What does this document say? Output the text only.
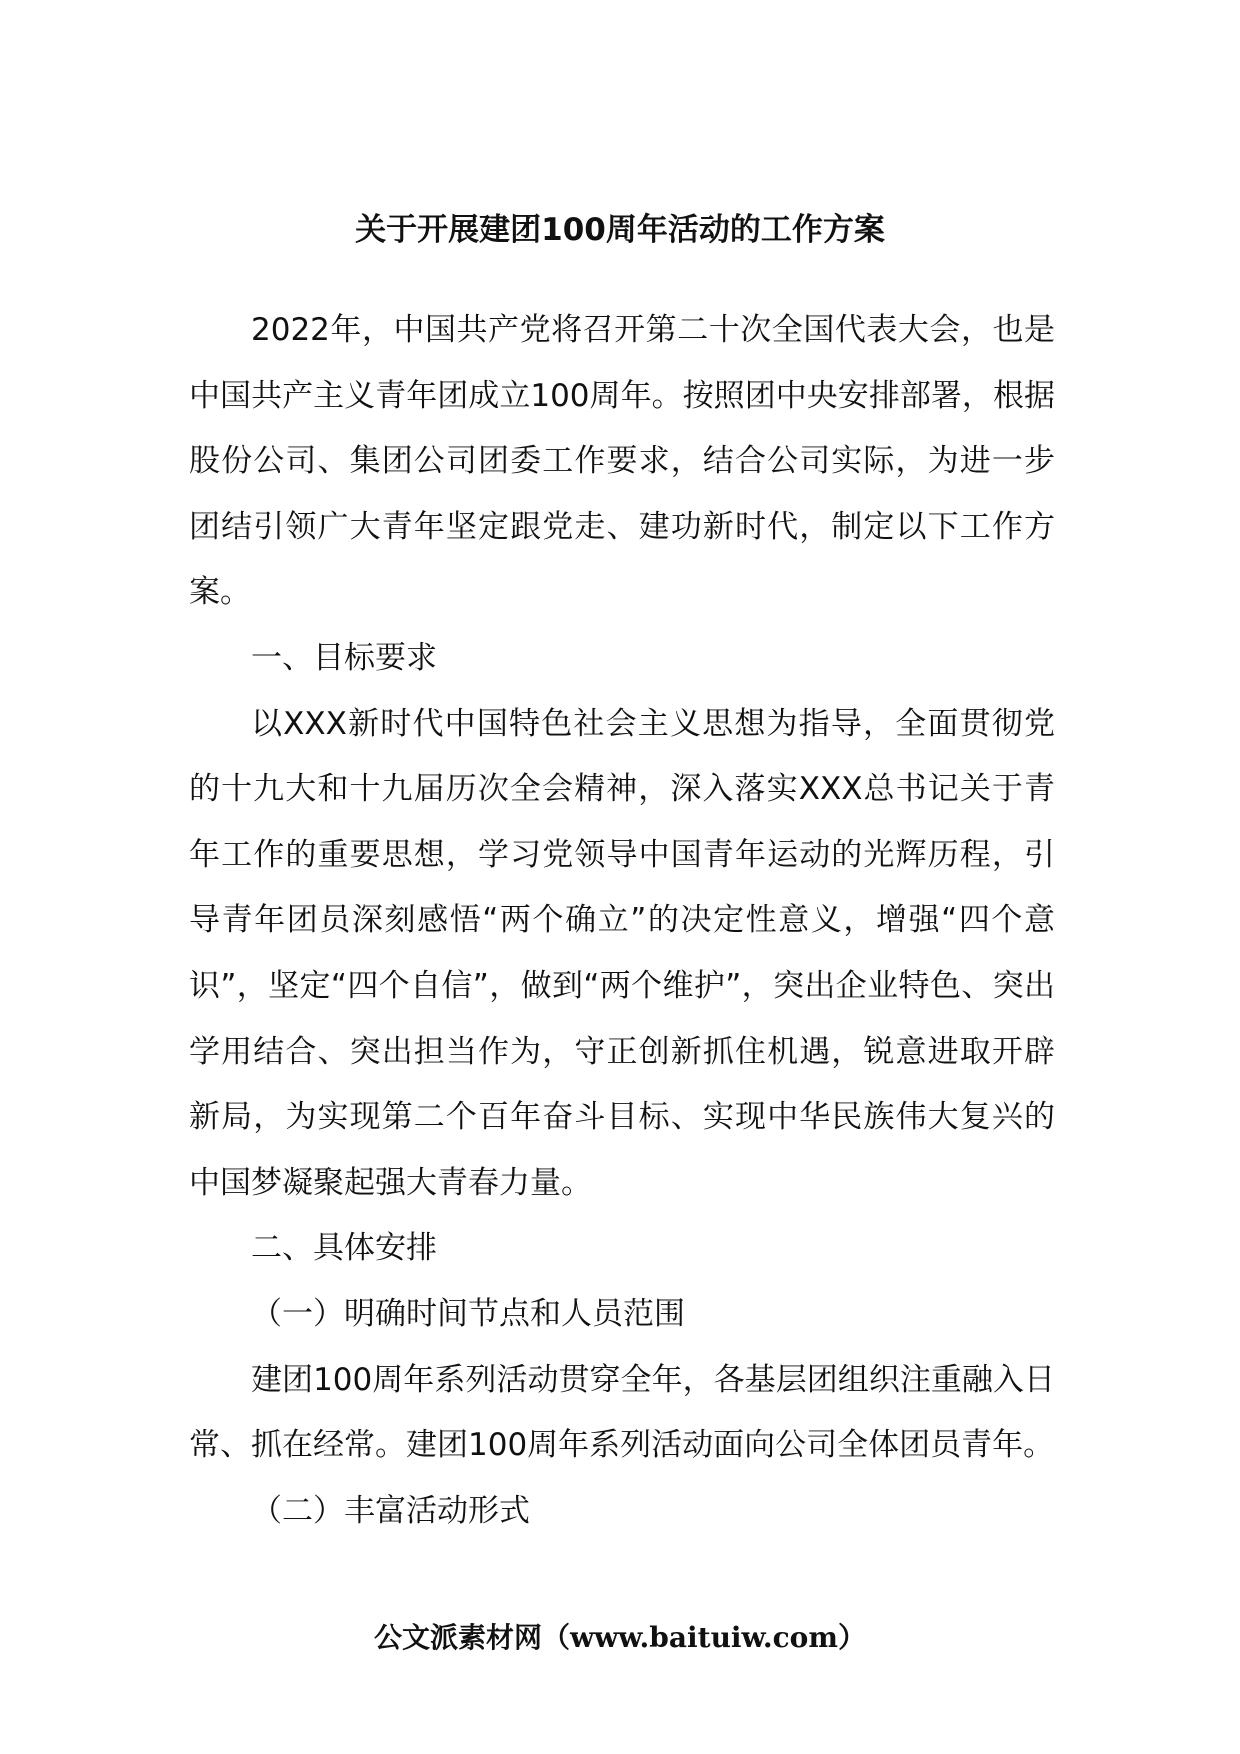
关于开展建团100周年活动的工作方案

2022年，中国共产党将召开第二十次全国代表大会，也是中国共产主义青年团成立100周年。按照团中央安排部署，根据股份公司、集团公司团委工作要求，结合公司实际，为进一步团结引领广大青年坚定跟党走、建功新时代，制定以下工作方案。

一、目标要求

以XXX新时代中国特色社会主义思想为指导，全面贯彻党的十九大和十九届历次全会精神，深入落实XXX总书记关于青年工作的重要思想，学习党领导中国青年运动的光辉历程，引导青年团员深刻感悟“两个确立”的决定性意义，增强“四个意识”，坚定“四个自信”，做到“两个维护”，突出企业特色、突出学用结合、突出担当作为，守正创新抓住机遇，锐意进取开辟新局，为实现第二个百年奋斗目标、实现中华民族伟大复兴的中国梦凝聚起强大青春力量。

二、具体安排

（一）明确时间节点和人员范围

建团100周年系列活动贯穿全年，各基层团组织注重融入日常、抓在经常。建团100周年系列活动面向公司全体团员青年。

（二）丰富活动形式

公文派素材网（www.baituiw.com）
